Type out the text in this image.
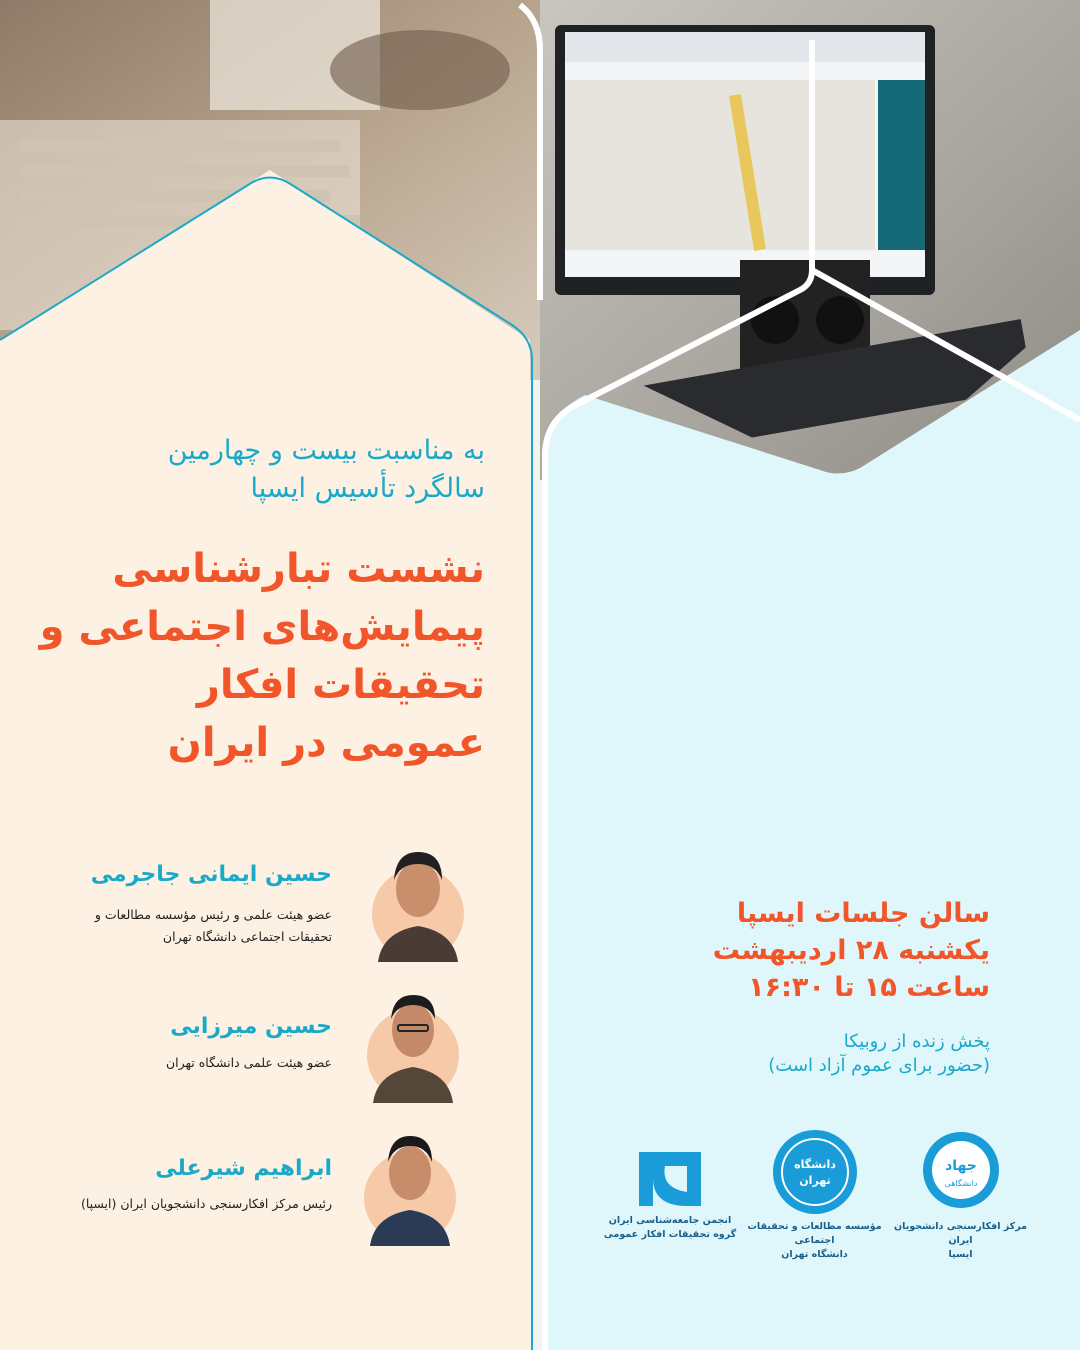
به مناسبت بیست و چهارمین
سالگرد تأسیس ایسپا
نشست تبارشناسی
پیمایش‌های اجتماعی و
تحقیقات افکار
عمومی در ایران
حسین ایمانی جاجرمی
عضو هیئت علمی و رئیس مؤسسه مطالعات و
تحقیقات اجتماعی دانشگاه تهران
حسین میرزایی
عضو هیئت علمی دانشگاه تهران
ابراهیم شیرعلی
رئیس مرکز افکارسنجی دانشجویان ایران (ایسپا)
سالن جلسات ایسپا
یکشنبه ۲۸ اردیبهشت
ساعت ۱۵ تا ۱۶:۳۰
پخش زنده از روبیکا
(حضور برای عموم آزاد است)
انجمن جامعه‌شناسی ایران
گروه تحقیقات افکار عمومی
دانشگاه
تهران
مؤسسه مطالعات و تحقیقات اجتماعی
دانشگاه تهران
جهاد
دانشگاهی
مرکز افکارسنجی دانشجویان ایران
ایسپا
